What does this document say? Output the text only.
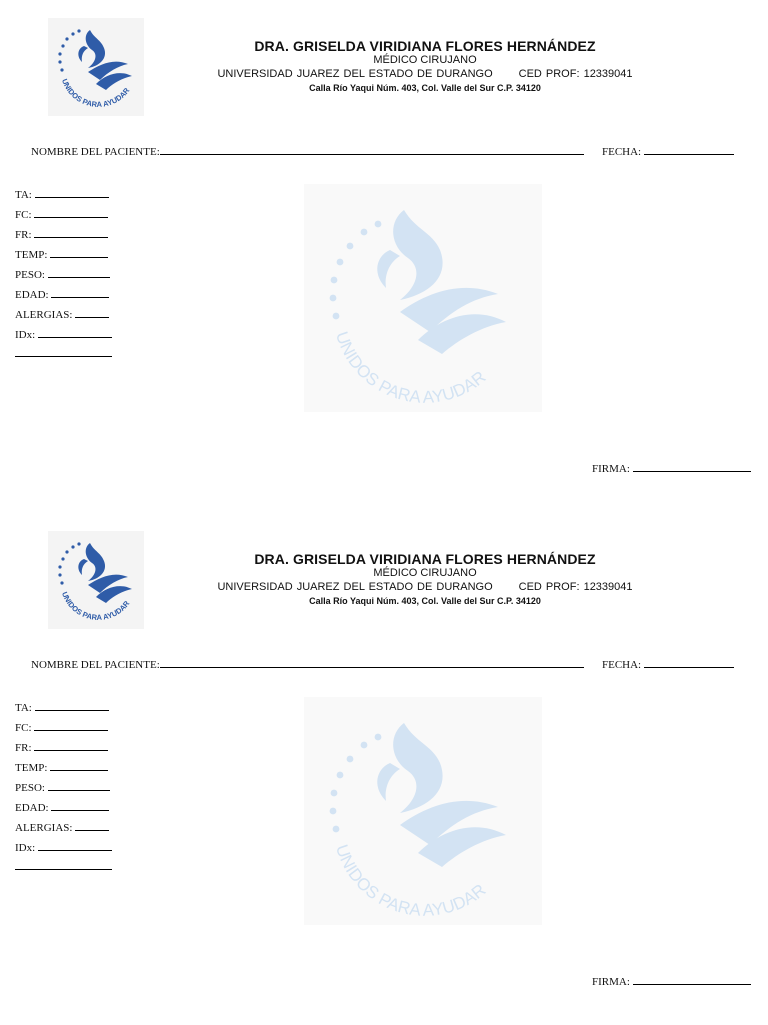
UNIDOS PARA AYUDAR
DRA. GRISELDA VIRIDIANA FLORES HERNÁNDEZ
MÉDICO CIRUJANO
UNIVERSIDAD JUAREZ DEL ESTADO DE DURANGO CED PROF: 12339041
Calla Río Yaqui Núm. 403, Col. Valle del Sur C.P. 34120
NOMBRE DEL PACIENTE:	FECHA:
UNIDOS PARA AYUDAR
TA:
FC:
FR:
TEMP:
PESO:
EDAD:
ALERGIAS:
IDx:
FIRMA:
UNIDOS PARA AYUDAR
DRA. GRISELDA VIRIDIANA FLORES HERNÁNDEZ
MÉDICO CIRUJANO
UNIVERSIDAD JUAREZ DEL ESTADO DE DURANGO CED PROF: 12339041
Calla Río Yaqui Núm. 403, Col. Valle del Sur C.P. 34120
NOMBRE DEL PACIENTE:	FECHA:
UNIDOS PARA AYUDAR
TA:
FC:
FR:
TEMP:
PESO:
EDAD:
ALERGIAS:
IDx:
FIRMA:
